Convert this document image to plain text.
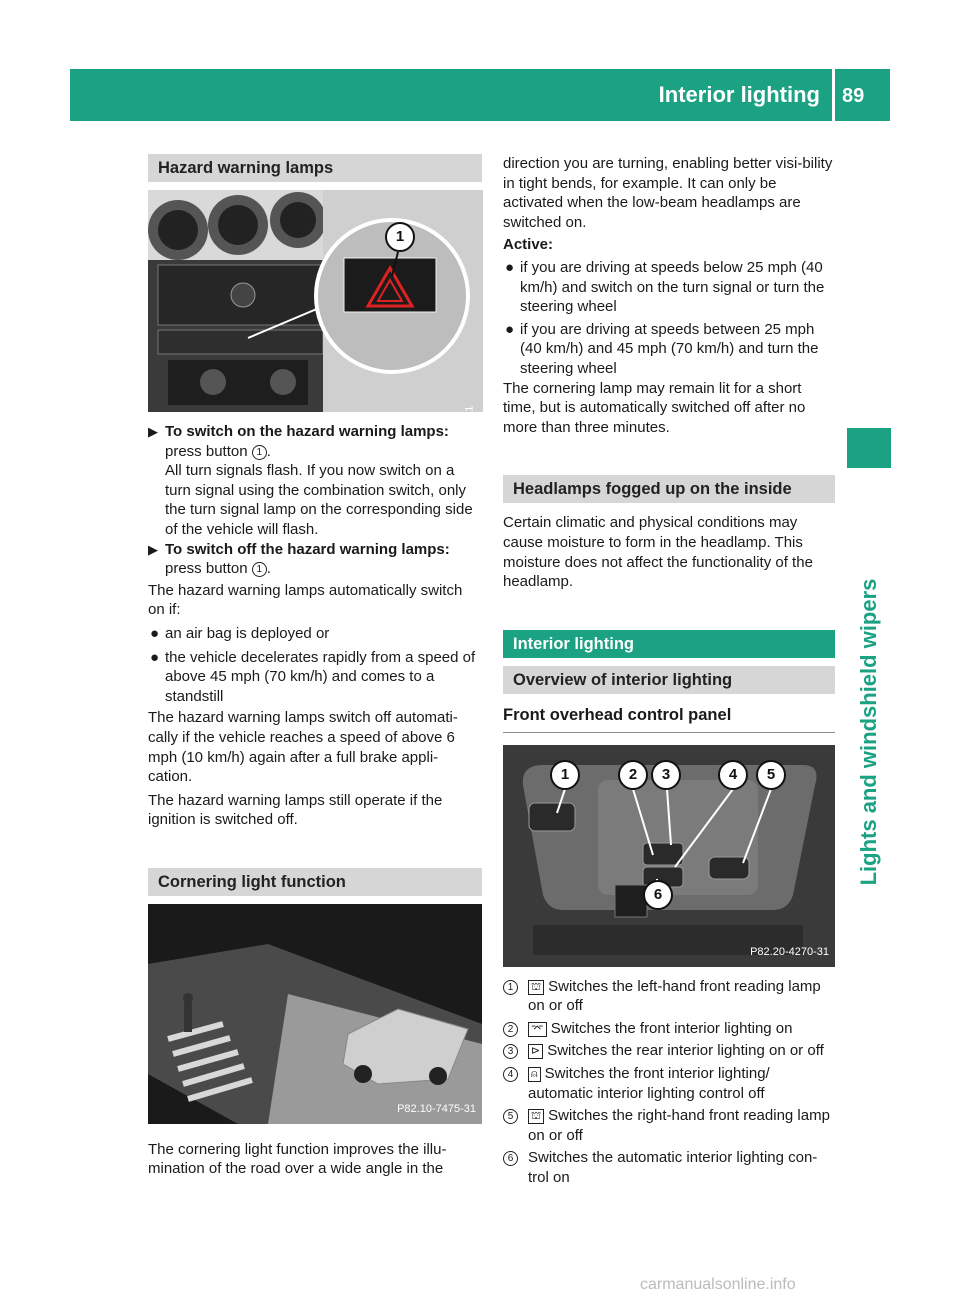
Interior lighting 89
Lights and windshield wipers
Hazard warning lamps
1
P54.00-3153-31

▶ To switch on the hazard warning lamps:
press button 1 .
All turn signals flash. If you now switch on a turn signal using the combination switch, only the turn signal lamp on the corresponding side of the vehicle will flash.

▶ To switch off the hazard warning lamps:
press button 1 .

The hazard warning lamps automatically switch on if:

● an air bag is deployed or

● the vehicle decelerates rapidly from a speed of above 45 mph (70 km/h) and comes to a standstill

The hazard warning lamps switch off automati-cally if the vehicle reaches a speed of above 6 mph (10 km/h) again after a full brake appli-cation.

The hazard warning lamps still operate if the ignition is switched off.

Cornering light function
P82.10-7475-31

The cornering light function improves the illu-mination of the road over a wide angle in the

direction you are turning, enabling better visi-bility in tight bends, for example. It can only be activated when the low-beam headlamps are switched on.

Active:

● if you are driving at speeds below 25 mph (40 km/h) and switch on the turn signal or turn the steering wheel

● if you are driving at speeds between 25 mph (40 km/h) and 45 mph (70 km/h) and turn the steering wheel

The cornering lamp may remain lit for a short time, but is automatically switched off after no more than three minutes.

Headlamps fogged up on the inside

Certain climatic and physical conditions may cause moisture to form in the headlamp. This moisture does not affect the functionality of the headlamp.

Interior lighting
Overview of interior lighting
Front overhead control panel
1	2	3	4	5
6
P82.20-4270-31

1	⛫ Switches the left-hand front reading lamp on or off

2	⌤ Switches the front interior lighting on

3	⊳ Switches the rear interior lighting on or off

4	⍝ Switches the front interior lighting/ automatic interior lighting control off

5	⛫ Switches the right-hand front reading lamp on or off

6 Switches the automatic interior lighting con-trol on

carmanualsonline.info
